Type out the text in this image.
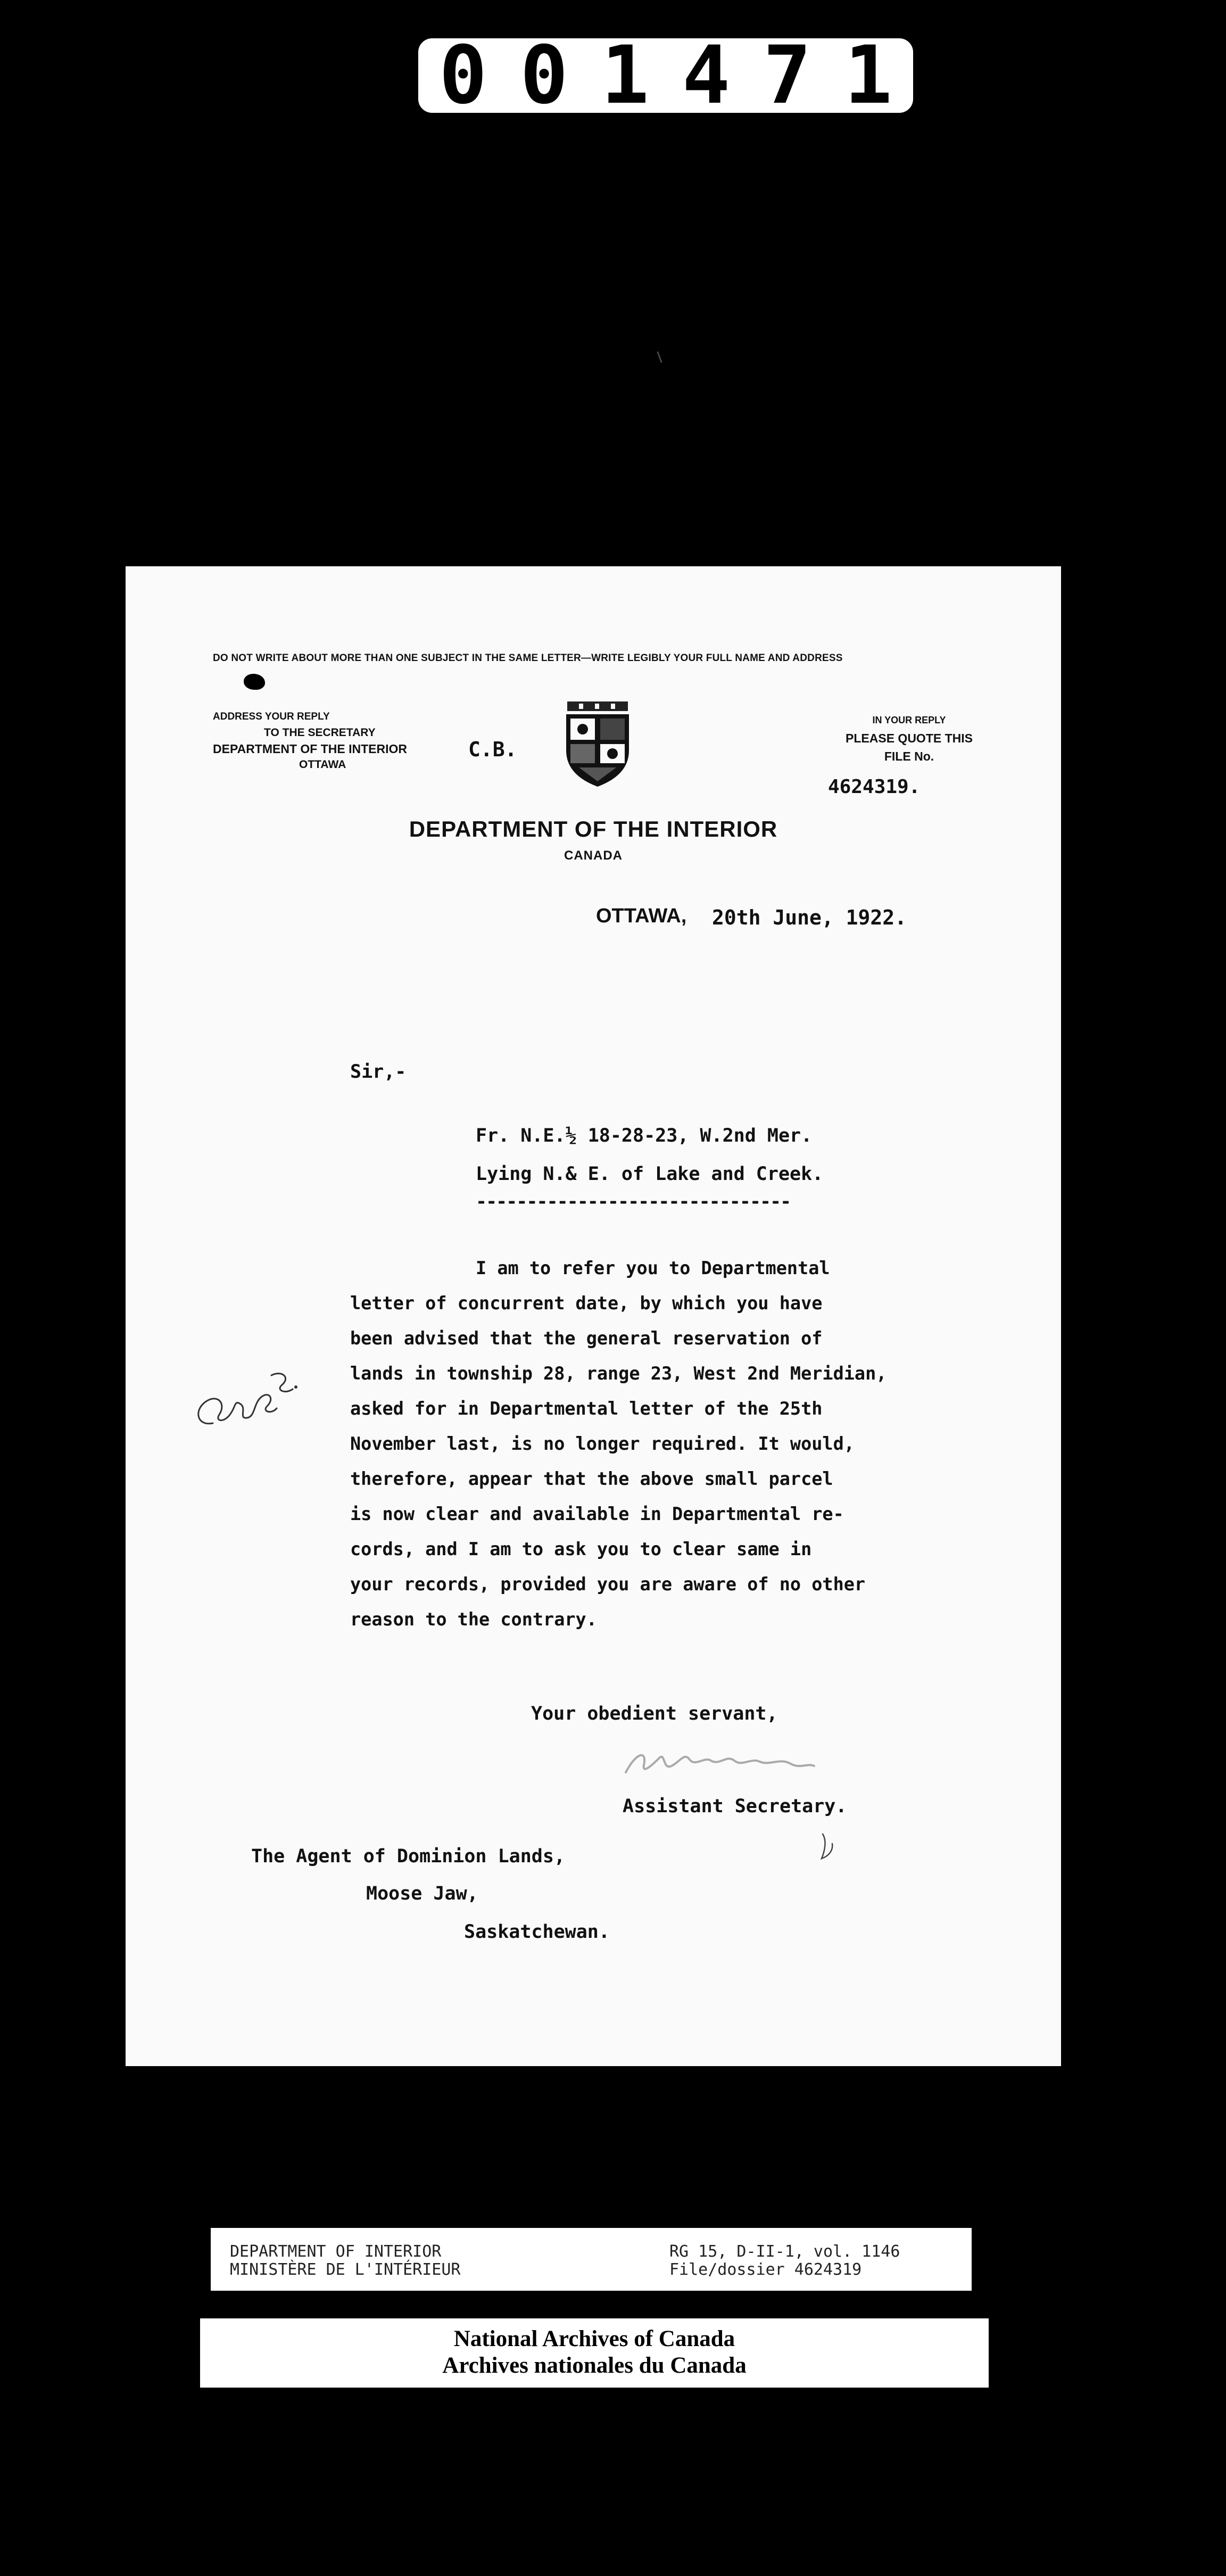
001471
DO NOT WRITE ABOUT MORE THAN ONE SUBJECT IN THE SAME LETTER—WRITE LEGIBLY YOUR FULL NAME AND ADDRESS
ADDRESS YOUR REPLY
TO THE SECRETARY
DEPARTMENT OF THE INTERIOR
OTTAWA
C.B.
IN YOUR REPLY
PLEASE QUOTE THIS
FILE No.
4624319.
DEPARTMENT OF THE INTERIOR
CANADA
OTTAWA, 20th June, 1922.
Sir,-
Fr. N.E.½ 18-28-23, W.2nd Mer.
Lying N.& E. of Lake and Creek.
-------------------------------
I am to refer you to Departmental
letter of concurrent date, by which you have
been advised that the general reservation of
lands in township 28, range 23, West 2nd Meridian,
asked for in Departmental letter of the 25th
November last, is no longer required. It would,
therefore, appear that the above small parcel
is now clear and available in Departmental re-
cords, and I am to ask you to clear same in
your records, provided you are aware of no other
reason to the contrary.
Your obedient servant,
Assistant Secretary.
The Agent of Dominion Lands,
Moose Jaw,
Saskatchewan.
DEPARTMENT OF INTERIOR
MINISTÈRE DE L'INTÉRIEUR
RG 15, D-II-1, vol. 1146
File/dossier 4624319
National Archives of Canada
Archives nationales du Canada
